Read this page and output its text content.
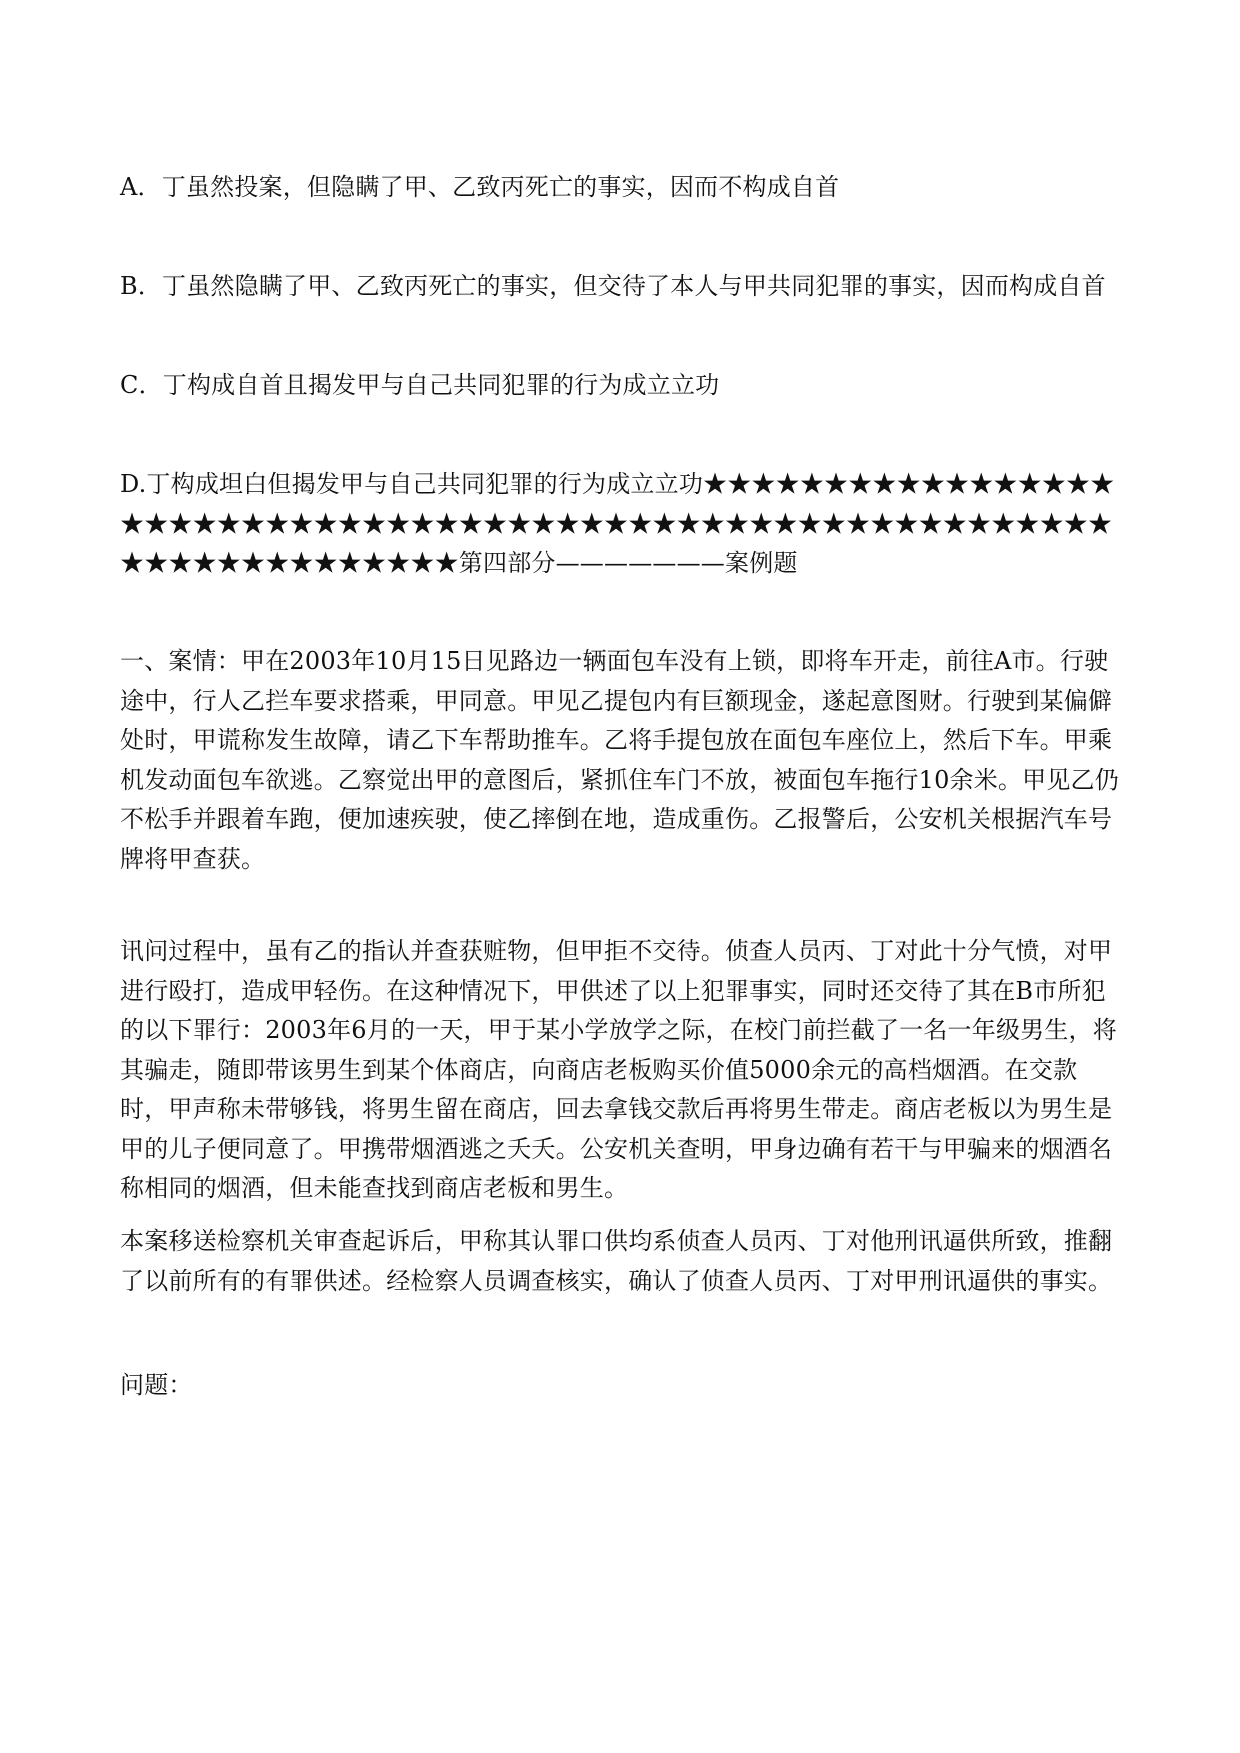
A．丁虽然投案，但隐瞒了甲、乙致丙死亡的事实，因而不构成自首

B．丁虽然隐瞒了甲、乙致丙死亡的事实，但交待了本人与甲共同犯罪的事实，因而构成自首

C．丁构成自首且揭发甲与自己共同犯罪的行为成立立功

D.丁构成坦白但揭发甲与自己共同犯罪的行为成立立功★★★★★★★★★★★★★★★★★★★★★★★★★★★★★★★★★★★★★★★★★★★★★★★★★★★★★★★★★★★★★★★★★★★★★★★★第四部分———————案例题

一、案情：甲在2003年10月15日见路边一辆面包车没有上锁，即将车开走，前往A市。行驶途中，行人乙拦车要求搭乘，甲同意。甲见乙提包内有巨额现金，遂起意图财。行驶到某偏僻处时，甲谎称发生故障，请乙下车帮助推车。乙将手提包放在面包车座位上，然后下车。甲乘机发动面包车欲逃。乙察觉出甲的意图后，紧抓住车门不放，被面包车拖行10余米。甲见乙仍不松手并跟着车跑，便加速疾驶，使乙摔倒在地，造成重伤。乙报警后，公安机关根据汽车号牌将甲查获。

讯问过程中，虽有乙的指认并查获赃物，但甲拒不交待。侦查人员丙、丁对此十分气愤，对甲进行殴打，造成甲轻伤。在这种情况下，甲供述了以上犯罪事实，同时还交待了其在B市所犯的以下罪行：2003年6月的一天，甲于某小学放学之际，在校门前拦截了一名一年级男生，将其骗走，随即带该男生到某个体商店，向商店老板购买价值5000余元的高档烟酒。在交款时，甲声称未带够钱，将男生留在商店，回去拿钱交款后再将男生带走。商店老板以为男生是甲的儿子便同意了。甲携带烟酒逃之夭夭。公安机关查明，甲身边确有若干与甲骗来的烟酒名称相同的烟酒，但未能查找到商店老板和男生。

本案移送检察机关审查起诉后，甲称其认罪口供均系侦查人员丙、丁对他刑讯逼供所致，推翻了以前所有的有罪供述。经检察人员调查核实，确认了侦查人员丙、丁对甲刑讯逼供的事实。

问题：
